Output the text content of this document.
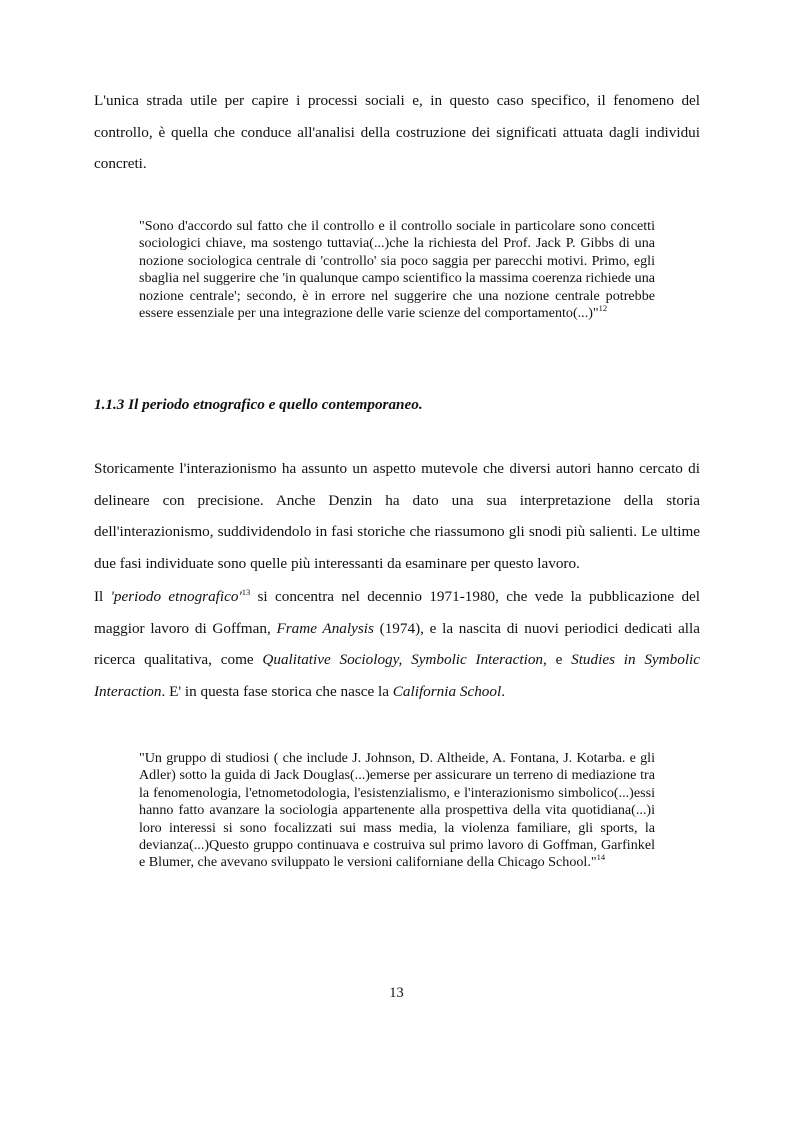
L'unica strada utile per capire i processi sociali e, in questo caso specifico, il fenomeno del controllo, è quella che conduce all'analisi della costruzione dei significati attuata dagli individui concreti.

"Sono d'accordo sul fatto che il controllo e il controllo sociale in particolare sono concetti sociologici chiave, ma sostengo tuttavia(...)che la richiesta del Prof. Jack P. Gibbs di una nozione sociologica centrale di 'controllo' sia poco saggia per parecchi motivi. Primo, egli sbaglia nel suggerire che 'in qualunque campo scientifico la massima coerenza richiede una nozione centrale'; secondo, è in errore nel suggerire che una nozione centrale potrebbe essere essenziale per una integrazione delle varie scienze del comportamento(...)"$^{12}$

1.1.3 Il periodo etnografico e quello contemporaneo.

Storicamente l'interazionismo ha assunto un aspetto mutevole che diversi autori hanno cercato di delineare con precisione. Anche Denzin ha dato una sua interpretazione della storia dell'interazionismo, suddividendolo in fasi storiche che riassumono gli snodi più salienti. Le ultime due fasi individuate sono quelle più interessanti da esaminare per questo lavoro.

Il 'periodo $etnografico'^{13}$ si concentra nel decennio 1971-1980, che vede la pubblicazione del maggior lavoro di Goffman, Frame Analysis (1974), e la nascita di nuovi periodici dedicati alla ricerca qualitativa, come Qualitative Sociology, Symbolic Interaction, e Studies in Symbolic Interaction. E' in questa fase storica che nasce la California School.

"Un gruppo di studiosi ( che include J. Johnson, D. Altheide, A. Fontana, J. Kotarba. e gli Adler) sotto la guida di Jack Douglas(...)emerse per assicurare un terreno di mediazione tra la fenomenologia, l'etnometodologia, l'esistenzialismo, e l'interazionismo simbolico(...)essi hanno fatto avanzare la sociologia appartenente alla prospettiva della vita quotidiana(...)i loro interessi si sono focalizzati sui mass media, la violenza familiare, gli sports, la devianza(...)Questo gruppo continuava e costruiva sul primo lavoro di Goffman, Garfinkel e Blumer, che avevano sviluppato le versioni californiane della Chicago School."$^{14}$

13
